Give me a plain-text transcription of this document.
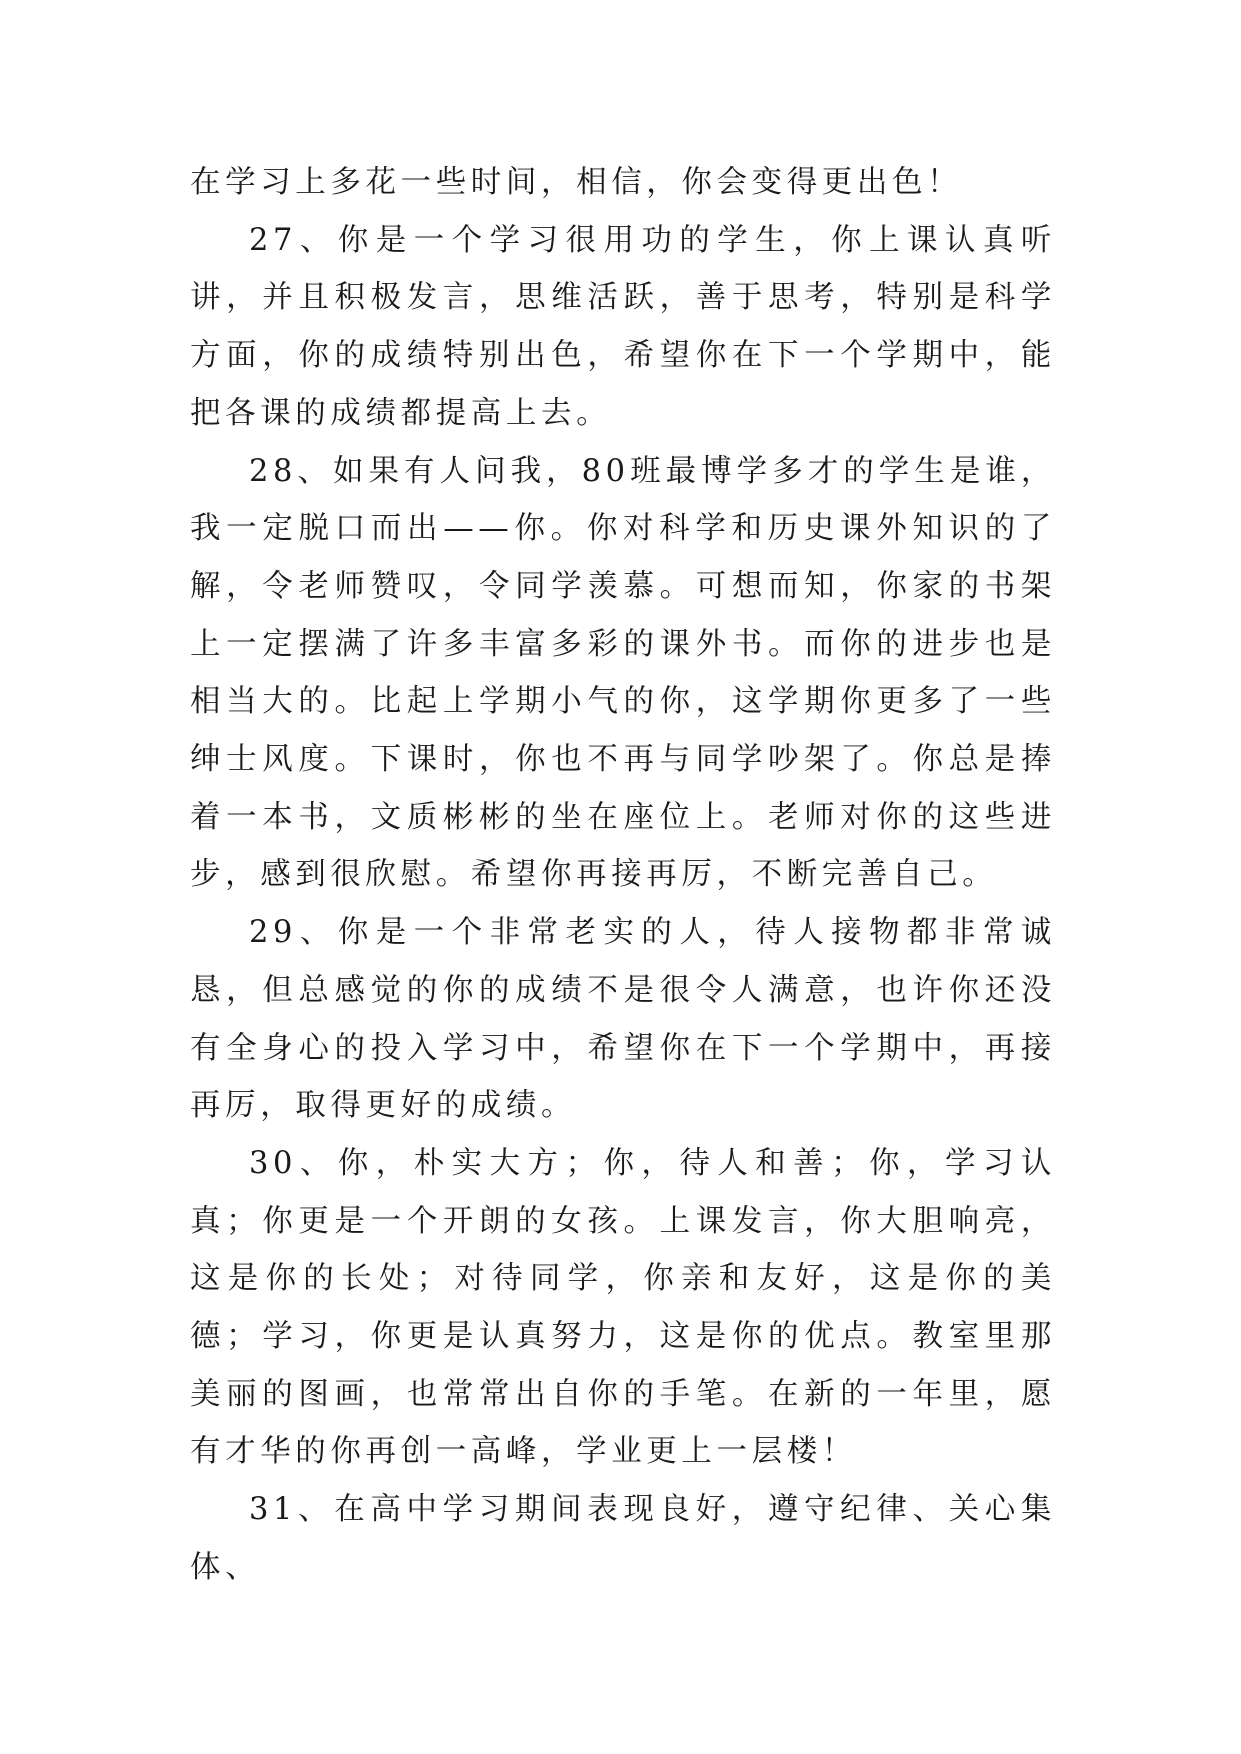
在学习上多花一些时间，相信，你会变得更出色！

27、你是一个学习很用功的学生，你上课认真听讲，并且积极发言，思维活跃，善于思考，特别是科学方面，你的成绩特别出色，希望你在下一个学期中，能把各课的成绩都提高上去。

28、如果有人问我，80班最博学多才的学生是谁，我一定脱口而出——你。你对科学和历史课外知识的了解，令老师赞叹，令同学羡慕。可想而知，你家的书架上一定摆满了许多丰富多彩的课外书。而你的进步也是相当大的。比起上学期小气的你，这学期你更多了一些绅士风度。下课时，你也不再与同学吵架了。你总是捧着一本书，文质彬彬的坐在座位上。老师对你的这些进步，感到很欣慰。希望你再接再厉，不断完善自己。

29、你是一个非常老实的人，待人接物都非常诚恳，但总感觉的你的成绩不是很令人满意，也许你还没有全身心的投入学习中，希望你在下一个学期中，再接再厉，取得更好的成绩。

30、你，朴实大方；你，待人和善；你，学习认真；你更是一个开朗的女孩。上课发言，你大胆响亮，这是你的长处；对待同学，你亲和友好，这是你的美德；学习，你更是认真努力，这是你的优点。教室里那美丽的图画，也常常出自你的手笔。在新的一年里，愿有才华的你再创一高峰，学业更上一层楼！

31、在高中学习期间表现良好，遵守纪律、关心集体、
